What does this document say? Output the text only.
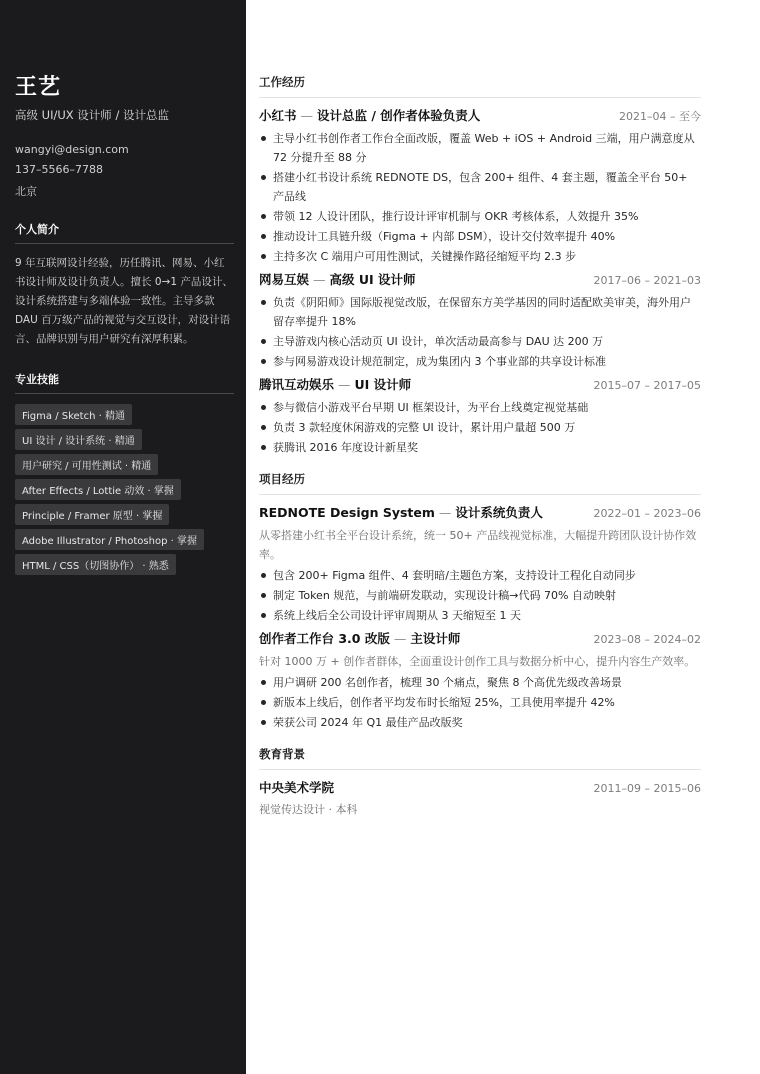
王艺
高级 UI/UX 设计师 / 设计总监
wangyi@design.com
137–5566–7788
北京
个人简介

9 年互联网设计经验，历任腾讯、网易、小红书设计师及设计负责人。擅长 0→1 产品设计、设计系统搭建与多端体验一致性。主导多款 DAU 百万级产品的视觉与交互设计，对设计语言、品牌识别与用户研究有深厚积累。

专业技能
Figma / Sketch · 精通
UI 设计 / 设计系统 · 精通
用户研究 / 可用性测试 · 精通
After Effects / Lottie 动效 · 掌握
Principle / Framer 原型 · 掌握
Adobe Illustrator / Photoshop · 掌握
HTML / CSS（切图协作） · 熟悉
工作经历
小红书 — 设计总监 / 创作者体验负责人	2021–04 – 至今
主导小红书创作者工作台全面改版，覆盖 Web + iOS + Android 三端，用户满意度从 72 分提升至 88 分
搭建小红书设计系统 REDNOTE DS，包含 200+ 组件、4 套主题，覆盖全平台 50+ 产品线
带领 12 人设计团队，推行设计评审机制与 OKR 考核体系，人效提升 35%
推动设计工具链升级（Figma + 内部 DSM），设计交付效率提升 40%
主持多次 C 端用户可用性测试，关键操作路径缩短平均 2.3 步
网易互娱 — 高级 UI 设计师	2017–06 – 2021–03
负责《阴阳师》国际版视觉改版，在保留东方美学基因的同时适配欧美审美，海外用户留存率提升 18%
主导游戏内核心活动页 UI 设计，单次活动最高参与 DAU 达 200 万
参与网易游戏设计规范制定，成为集团内 3 个事业部的共享设计标准
腾讯互动娱乐 — UI 设计师	2015–07 – 2017–05
参与微信小游戏平台早期 UI 框架设计，为平台上线奠定视觉基础
负责 3 款轻度休闲游戏的完整 UI 设计，累计用户量超 500 万
获腾讯 2016 年度设计新星奖
项目经历
REDNOTE Design System — 设计系统负责人	2022–01 – 2023–06

从零搭建小红书全平台设计系统，统一 50+ 产品线视觉标准，大幅提升跨团队设计协作效率。

包含 200+ Figma 组件、4 套明暗/主题色方案，支持设计工程化自动同步
制定 Token 规范，与前端研发联动，实现设计稿→代码 70% 自动映射
系统上线后全公司设计评审周期从 3 天缩短至 1 天
创作者工作台 3.0 改版 — 主设计师	2023–08 – 2024–02

针对 1000 万 + 创作者群体，全面重设计创作工具与数据分析中心，提升内容生产效率。

用户调研 200 名创作者，梳理 30 个痛点，聚焦 8 个高优先级改善场景
新版本上线后，创作者平均发布时长缩短 25%，工具使用率提升 42%
荣获公司 2024 年 Q1 最佳产品改版奖
教育背景
中央美术学院	2011–09 – 2015–06
视觉传达设计 · 本科
